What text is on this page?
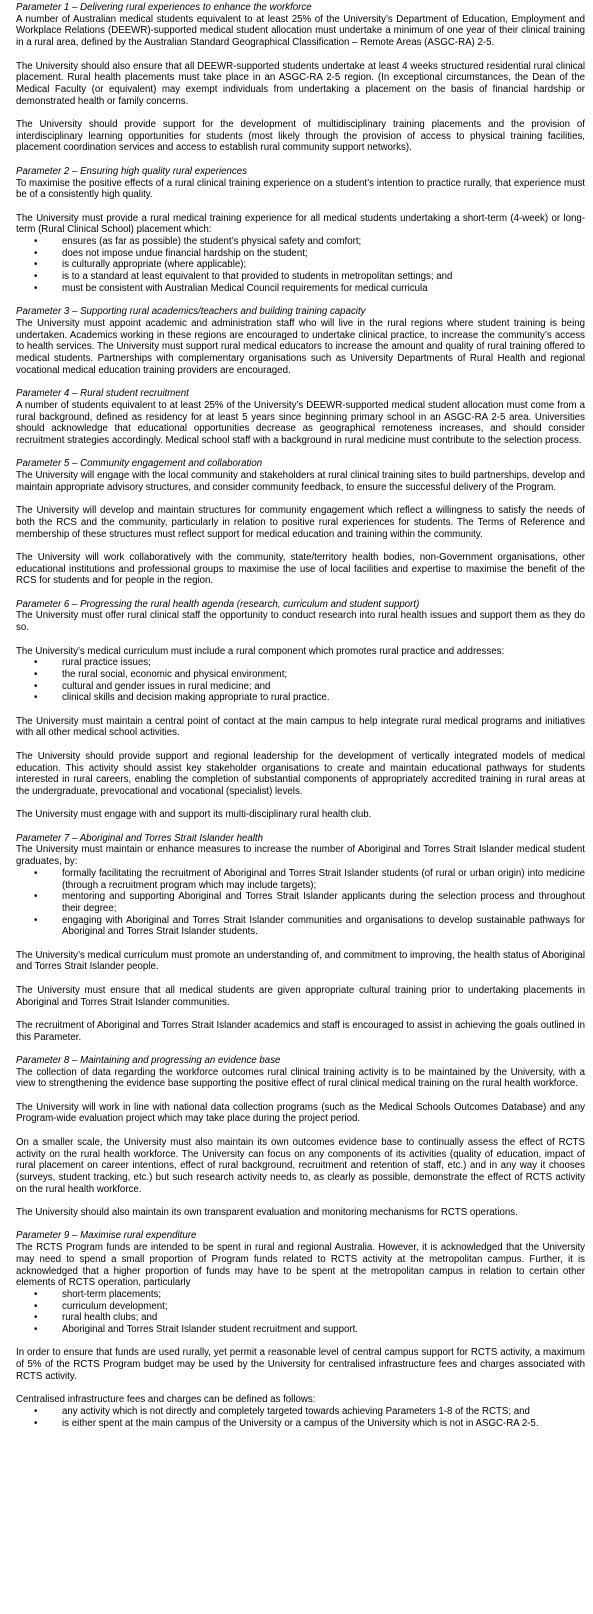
Parameter 1 – Delivering rural experiences to enhance the workforce

A number of Australian medical students equivalent to at least 25% of the University’s Department of Education, Employment and Workplace Relations (DEEWR)-supported medical student allocation must undertake a minimum of one year of their clinical training in a rural area, defined by the Australian Standard Geographical Classification – Remote Areas (ASGC-RA) 2-5.

The University should also ensure that all DEEWR-supported students undertake at least 4 weeks structured residential rural clinical placement. Rural health placements must take place in an ASGC-RA 2-5 region. (In exceptional circumstances, the Dean of the Medical Faculty (or equivalent) may exempt individuals from undertaking a placement on the basis of financial hardship or demonstrated health or family concerns.

The University should provide support for the development of multidisciplinary training placements and the provision of interdisciplinary learning opportunities for students (most likely through the provision of access to physical training facilities, placement coordination services and access to establish rural community support networks).

Parameter 2 – Ensuring high quality rural experiences

To maximise the positive effects of a rural clinical training experience on a student’s intention to practice rurally, that experience must be of a consistently high quality.

The University must provide a rural medical training experience for all medical students undertaking a short-term (4-week) or long-term (Rural Clinical School) placement which:

• ensures (as far as possible) the student’s physical safety and comfort;
• does not impose undue financial hardship on the student;
• is culturally appropriate (where applicable);
• is to a standard at least equivalent to that provided to students in metropolitan settings; and
• must be consistent with Australian Medical Council requirements for medical curricula

Parameter 3 – Supporting rural academics/teachers and building training capacity

The University must appoint academic and administration staff who will live in the rural regions where student training is being undertaken. Academics working in these regions are encouraged to undertake clinical practice, to increase the community’s access to health services. The University must support rural medical educators to increase the amount and quality of rural training offered to medical students. Partnerships with complementary organisations such as University Departments of Rural Health and regional vocational medical education training providers are encouraged.

Parameter 4 – Rural student recruitment

A number of students equivalent to at least 25% of the University’s DEEWR-supported medical student allocation must come from a rural background, defined as residency for at least 5 years since beginning primary school in an ASGC-RA 2-5 area. Universities should acknowledge that educational opportunities decrease as geographical remoteness increases, and should consider recruitment strategies accordingly. Medical school staff with a background in rural medicine must contribute to the selection process.

Parameter 5 – Community engagement and collaboration

The University will engage with the local community and stakeholders at rural clinical training sites to build partnerships, develop and maintain appropriate advisory structures, and consider community feedback, to ensure the successful delivery of the Program.

The University will develop and maintain structures for community engagement which reflect a willingness to satisfy the needs of both the RCS and the community, particularly in relation to positive rural experiences for students. The Terms of Reference and membership of these structures must reflect support for medical education and training within the community.

The University will work collaboratively with the community, state/territory health bodies, non-Government organisations, other educational institutions and professional groups to maximise the use of local facilities and expertise to maximise the benefit of the RCS for students and for people in the region.

Parameter 6 – Progressing the rural health agenda (research, curriculum and student support)

The University must offer rural clinical staff the opportunity to conduct research into rural health issues and support them as they do so.

The University’s medical curriculum must include a rural component which promotes rural practice and addresses:

• rural practice issues;
• the rural social, economic and physical environment;
• cultural and gender issues in rural medicine; and
• clinical skills and decision making appropriate to rural practice.

The University must maintain a central point of contact at the main campus to help integrate rural medical programs and initiatives with all other medical school activities.

The University should provide support and regional leadership for the development of vertically integrated models of medical education. This activity should assist key stakeholder organisations to create and maintain educational pathways for students interested in rural careers, enabling the completion of substantial components of appropriately accredited training in rural areas at the undergraduate, prevocational and vocational (specialist) levels.

The University must engage with and support its multi-disciplinary rural health club.

Parameter 7 – Aboriginal and Torres Strait Islander health

The University must maintain or enhance measures to increase the number of Aboriginal and Torres Strait Islander medical student graduates, by:

• formally facilitating the recruitment of Aboriginal and Torres Strait Islander students (of rural or urban origin) into medicine (through a recruitment program which may include targets);
• mentoring and supporting Aboriginal and Torres Strait Islander applicants during the selection process and throughout their degree;
• engaging with Aboriginal and Torres Strait Islander communities and organisations to develop sustainable pathways for Aboriginal and Torres Strait Islander students.

The University’s medical curriculum must promote an understanding of, and commitment to improving, the health status of Aboriginal and Torres Strait Islander people.

The University must ensure that all medical students are given appropriate cultural training prior to undertaking placements in Aboriginal and Torres Strait Islander communities.

The recruitment of Aboriginal and Torres Strait Islander academics and staff is encouraged to assist in achieving the goals outlined in this Parameter.

Parameter 8 – Maintaining and progressing an evidence base

The collection of data regarding the workforce outcomes rural clinical training activity is to be maintained by the University, with a view to strengthening the evidence base supporting the positive effect of rural clinical medical training on the rural health workforce.

The University will work in line with national data collection programs (such as the Medical Schools Outcomes Database) and any Program-wide evaluation project which may take place during the project period.

On a smaller scale, the University must also maintain its own outcomes evidence base to continually assess the effect of RCTS activity on the rural health workforce. The University can focus on any components of its activities (quality of education, impact of rural placement on career intentions, effect of rural background, recruitment and retention of staff, etc.) and in any way it chooses (surveys, student tracking, etc.) but such research activity needs to, as clearly as possible, demonstrate the effect of RCTS activity on the rural health workforce.

The University should also maintain its own transparent evaluation and monitoring mechanisms for RCTS operations.

Parameter 9 – Maximise rural expenditure

The RCTS Program funds are intended to be spent in rural and regional Australia. However, it is acknowledged that the University may need to spend a small proportion of Program funds related to RCTS activity at the metropolitan campus. Further, it is acknowledged that a higher proportion of funds may have to be spent at the metropolitan campus in relation to certain other elements of RCTS operation, particularly

• short-term placements;
• curriculum development;
• rural health clubs; and
• Aboriginal and Torres Strait Islander student recruitment and support.

In order to ensure that funds are used rurally, yet permit a reasonable level of central campus support for RCTS activity, a maximum of 5% of the RCTS Program budget may be used by the University for centralised infrastructure fees and charges associated with RCTS activity.

Centralised infrastructure fees and charges can be defined as follows:

• any activity which is not directly and completely targeted towards achieving Parameters 1-8 of the RCTS; and
• is either spent at the main campus of the University or a campus of the University which is not in ASGC-RA 2-5.
